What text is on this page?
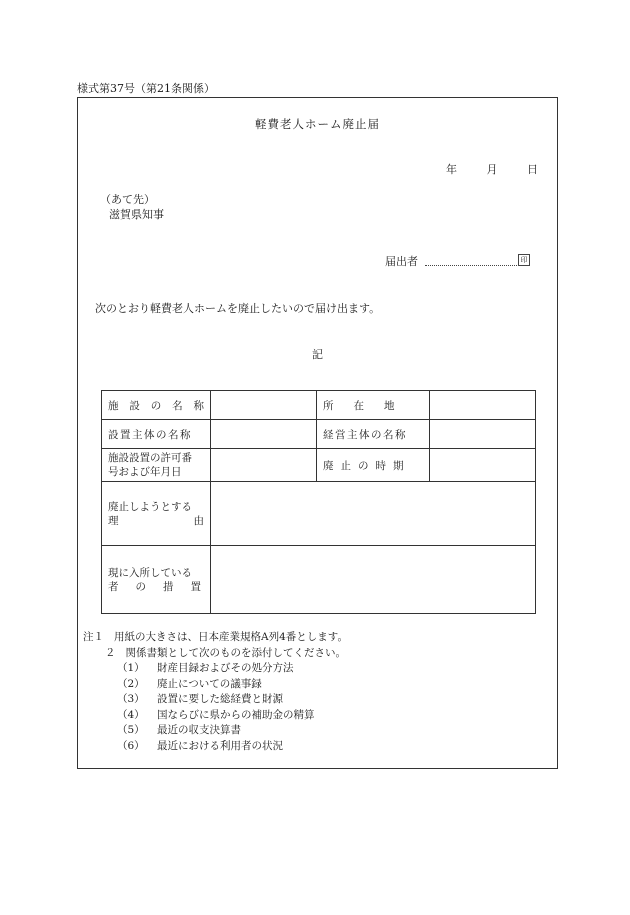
様式第37号（第21条関係）
軽費老人ホーム廃止届
年	月	日
（あて先）
滋賀県知事
届出者	印
次のとおり軽費老人ホームを廃止したいので届け出ます。
記
施 設 の 名 称		所在地	
設置主体の名称		経営主体の名称	

施設設置の許可番
号および年月日		廃止の時期	

廃止しようとする
理 由			

現に入所している
者の措置			

注１ 用紙の大きさは、日本産業規格A列4番とします。
２ 関係書類として次のものを添付してください。
（1） 財産目録およびその処分方法
（2） 廃止についての議事録
（3） 設置に要した総経費と財源
（4） 国ならびに県からの補助金の精算
（5） 最近の収支決算書
（6） 最近における利用者の状況
